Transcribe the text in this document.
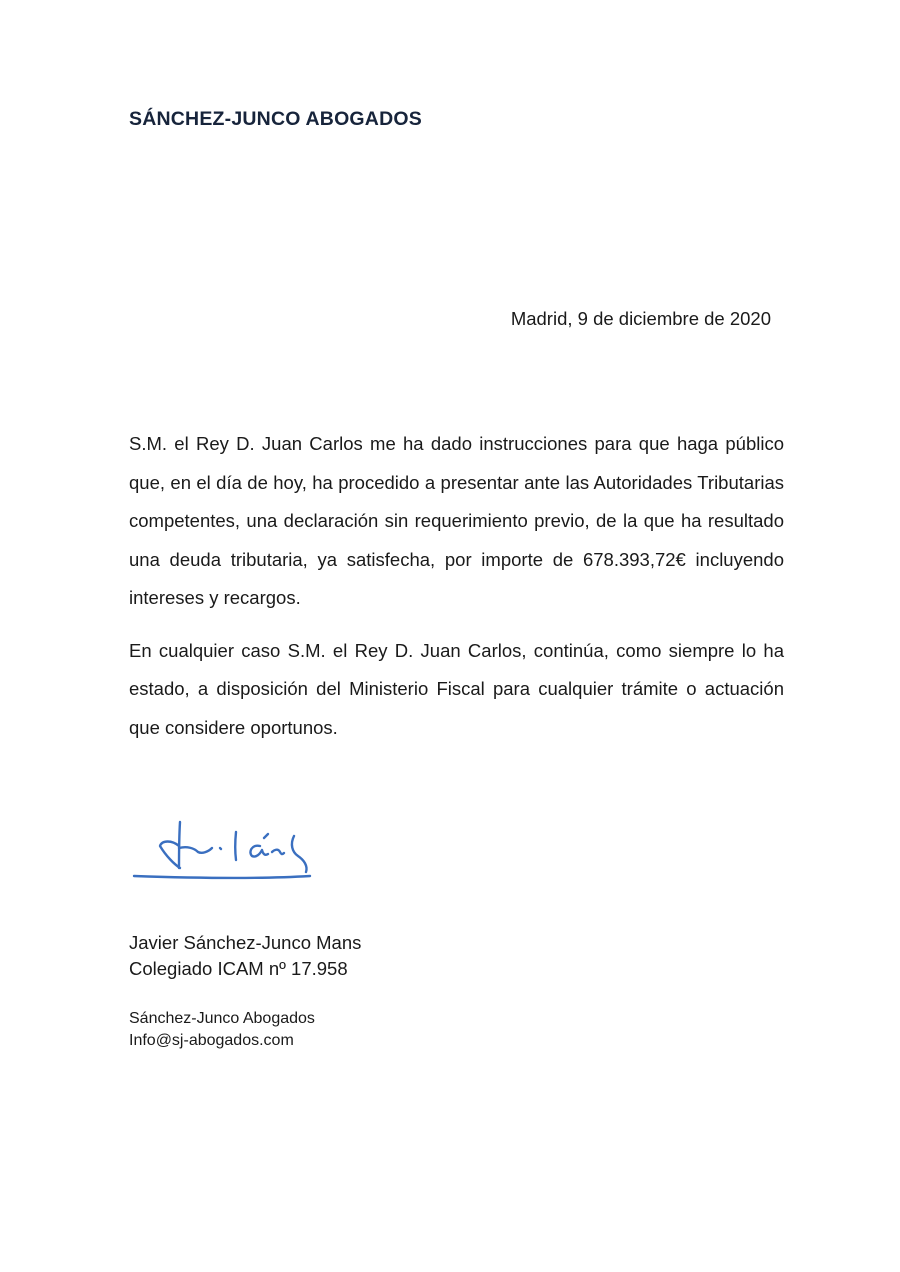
SÁNCHEZ-JUNCO ABOGADOS
Madrid, 9 de diciembre de 2020

S.M. el Rey D. Juan Carlos me ha dado instrucciones para que haga público que, en el día de hoy, ha procedido a presentar ante las Autoridades Tributarias competentes, una declaración sin requerimiento previo, de la que ha resultado una deuda tributaria, ya satisfecha, por importe de 678.393,72€ incluyendo intereses y recargos.

En cualquier caso S.M. el Rey D. Juan Carlos, continúa, como siempre lo ha estado, a disposición del Ministerio Fiscal para cualquier trámite o actuación que considere oportunos.

Javier Sánchez-Junco Mans
Colegiado ICAM nº 17.958
Sánchez-Junco Abogados
Info@sj-abogados.com
